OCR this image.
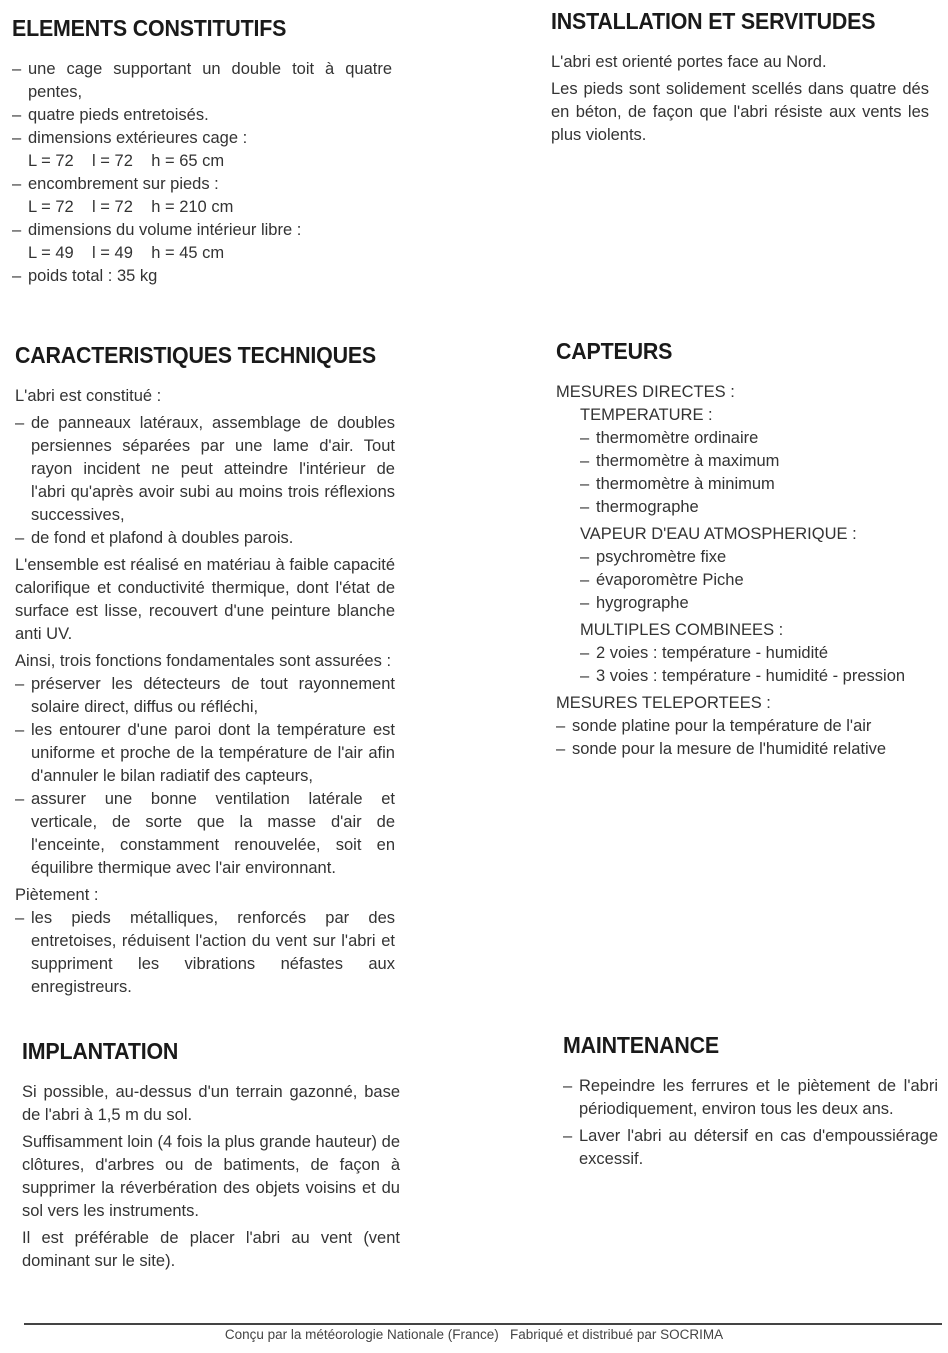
ELEMENTS CONSTITUTIFS
– une cage supportant un double toit à quatre pentes,
– quatre pieds entretoisés.
– dimensions extérieures cage :
L = 72    l = 72    h = 65 cm
– encombrement sur pieds :
L = 72    l = 72    h = 210 cm
– dimensions du volume intérieur libre :
L = 49    l = 49    h = 45 cm
– poids total : 35 kg
INSTALLATION ET SERVITUDES

L'abri est orienté portes face au Nord.

Les pieds sont solidement scellés dans quatre dés en béton, de façon que l'abri résiste aux vents les plus violents.

CARACTERISTIQUES TECHNIQUES

L'abri est constitué :

– de panneaux latéraux, assemblage de doubles persiennes séparées par une lame d'air. Tout rayon incident ne peut atteindre l'intérieur de l'abri qu'après avoir subi au moins trois réflexions successives,
– de fond et plafond à doubles parois.

L'ensemble est réalisé en matériau à faible capacité calorifique et conductivité thermique, dont l'état de surface est lisse, recouvert d'une peinture blanche anti UV.

Ainsi, trois fonctions fondamentales sont assurées :

– préserver les détecteurs de tout rayonnement solaire direct, diffus ou réfléchi,
– les entourer d'une paroi dont la température est uniforme et proche de la température de l'air afin d'annuler le bilan radiatif des capteurs,
– assurer une bonne ventilation latérale et verticale, de sorte que la masse d'air de l'enceinte, constamment renouvelée, soit en équilibre thermique avec l'air environnant.

Piètement :

– les pieds métalliques, renforcés par des entretoises, réduisent l'action du vent sur l'abri et suppriment les vibrations néfastes aux enregistreurs.
CAPTEURS
MESURES DIRECTES :
TEMPERATURE :
– thermomètre ordinaire
– thermomètre à maximum
– thermomètre à minimum
– thermographe
VAPEUR D'EAU ATMOSPHERIQUE :
– psychromètre fixe
– évaporomètre Piche
– hygrographe
MULTIPLES COMBINEES :
– 2 voies : température - humidité
– 3 voies : température - humidité - pression
MESURES TELEPORTEES :
– sonde platine pour la température de l'air
– sonde pour la mesure de l'humidité relative
IMPLANTATION

Si possible, au-dessus d'un terrain gazonné, base de l'abri à 1,5 m du sol.

Suffisamment loin (4 fois la plus grande hauteur) de clôtures, d'arbres ou de batiments, de façon à supprimer la réverbération des objets voisins et du sol vers les instruments.

Il est préférable de placer l'abri au vent (vent dominant sur le site).

MAINTENANCE
– Repeindre les ferrures et le piètement de l'abri périodiquement, environ tous les deux ans.
– Laver l'abri au détersif en cas d'empoussiérage excessif.
Conçu par la météorologie Nationale (France) Fabriqué et distribué par SOCRIMA
